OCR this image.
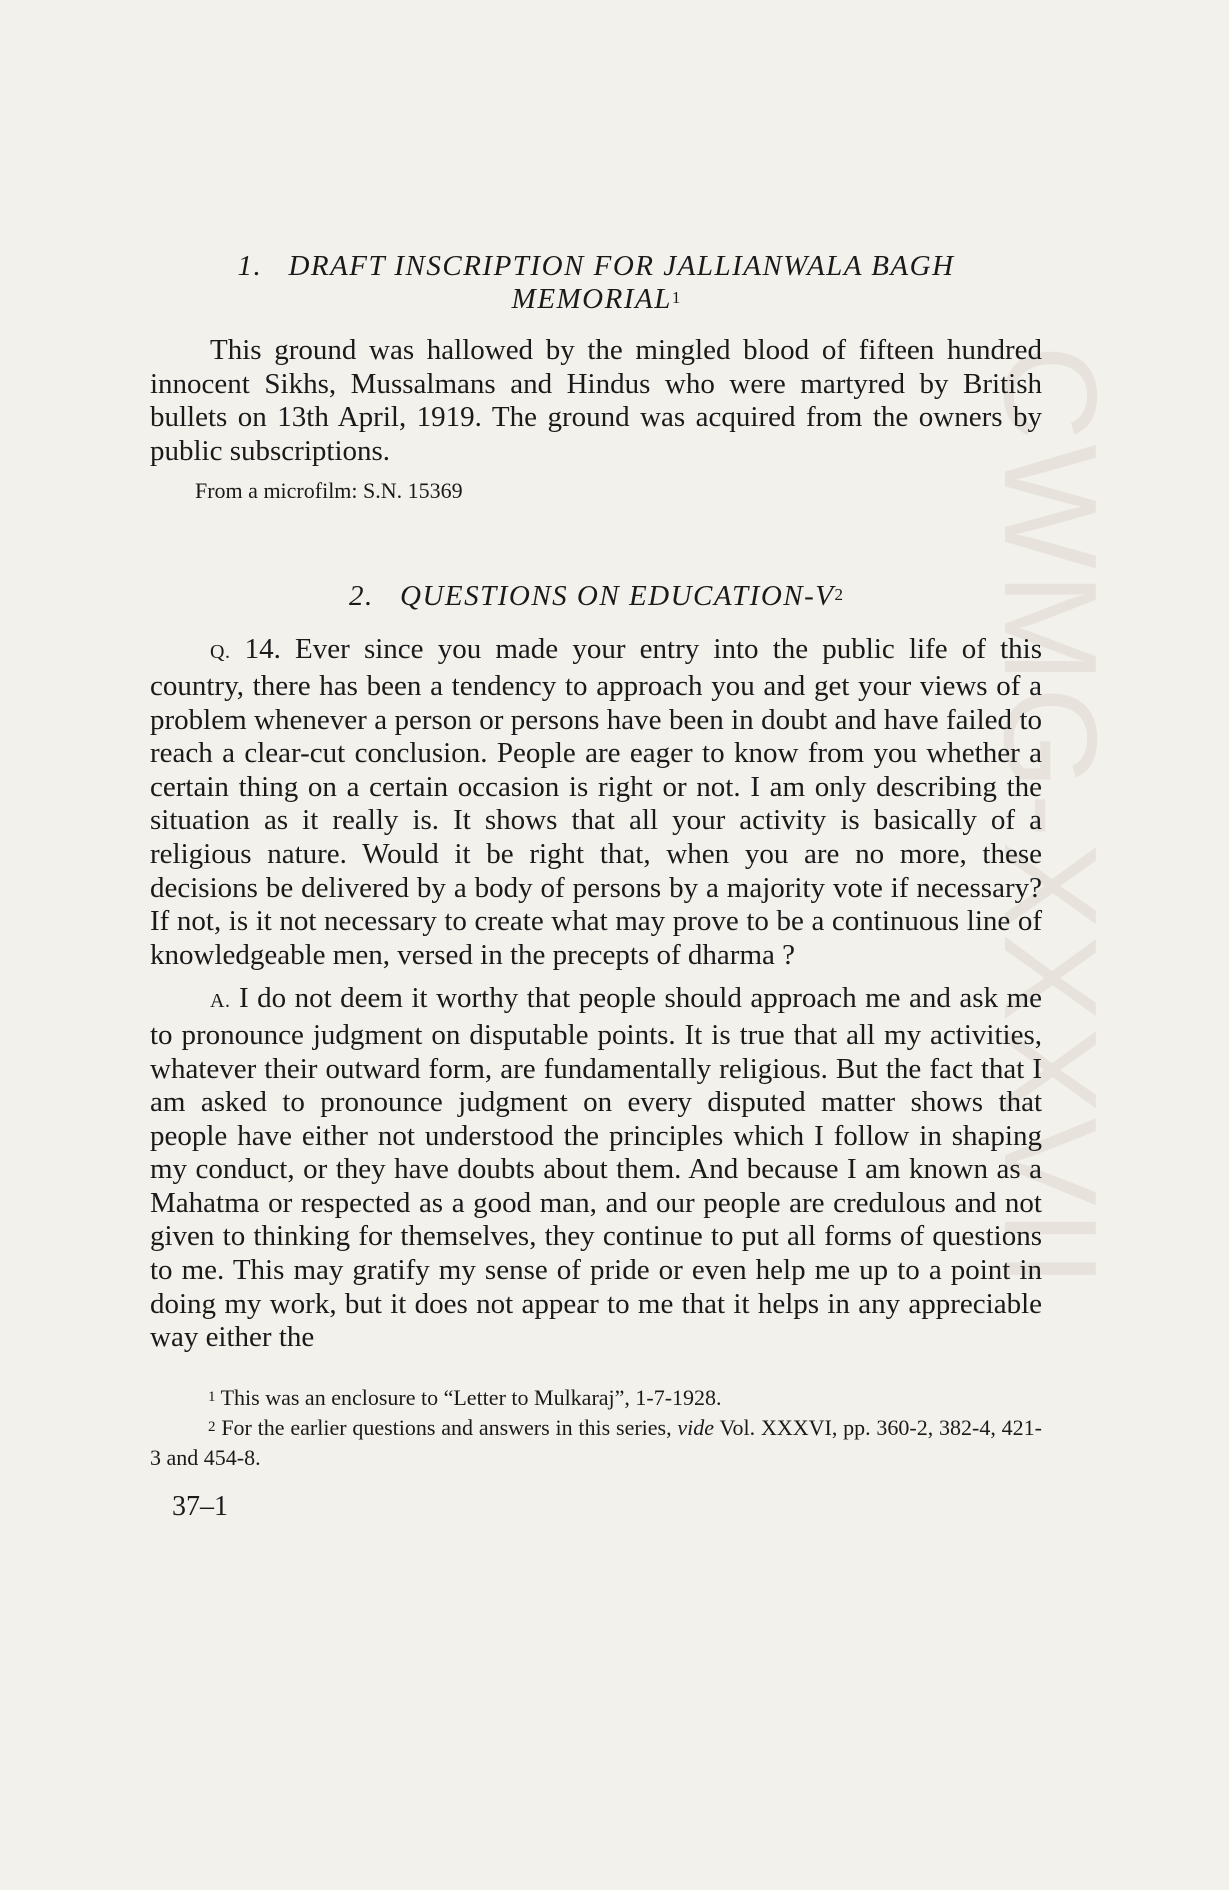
CWMG-XXXVII
1. DRAFT INSCRIPTION FOR JALLIANWALA BAGH
MEMORIAL$^1$

This ground was hallowed by the mingled blood of fifteen hundred innocent Sikhs, Mussalmans and Hindus who were martyred by British bullets on 13th April, 1919. The ground was acquired from the owners by public subscriptions.

From a microfilm: S.N. 15369
2. QUESTIONS ON EDUCATION-$V^2$

Q. 14. Ever since you made your entry into the public life of this country, there has been a tendency to approach you and get your views of a problem whenever a person or persons have been in doubt and have failed to reach a clear-cut conclusion. People are eager to know from you whether a certain thing on a certain occasion is right or not. I am only describing the situation as it really is. It shows that all your activity is basically of a religious nature. Would it be right that, when you are no more, these decisions be delivered by a body of persons by a majority vote if necessary? If not, is it not necessary to create what may prove to be a continuous line of knowledgeable men, versed in the precepts of dharma ?

A. I do not deem it worthy that people should approach me and ask me to pronounce judgment on disputable points. It is true that all my activities, whatever their outward form, are fundamentally religious. But the fact that I am asked to pronounce judgment on every disputed matter shows that people have either not understood the principles which I follow in shaping my conduct, or they have doubts about them. And because I am known as a Mahatma or respected as a good man, and our people are credulous and not given to thinking for themselves, they continue to put all forms of questions to me. This may gratify my sense of pride or even help me up to a point in doing my work, but it does not appear to me that it helps in any appreciable way either the

$^1$ This was an enclosure to “Letter to Mulkaraj”, 1-7-1928.

$^2$ For the earlier questions and answers in this series, vide Vol. XXXVI, pp. 360-2, 382-4, 421-3 and 454-8.

37–1
